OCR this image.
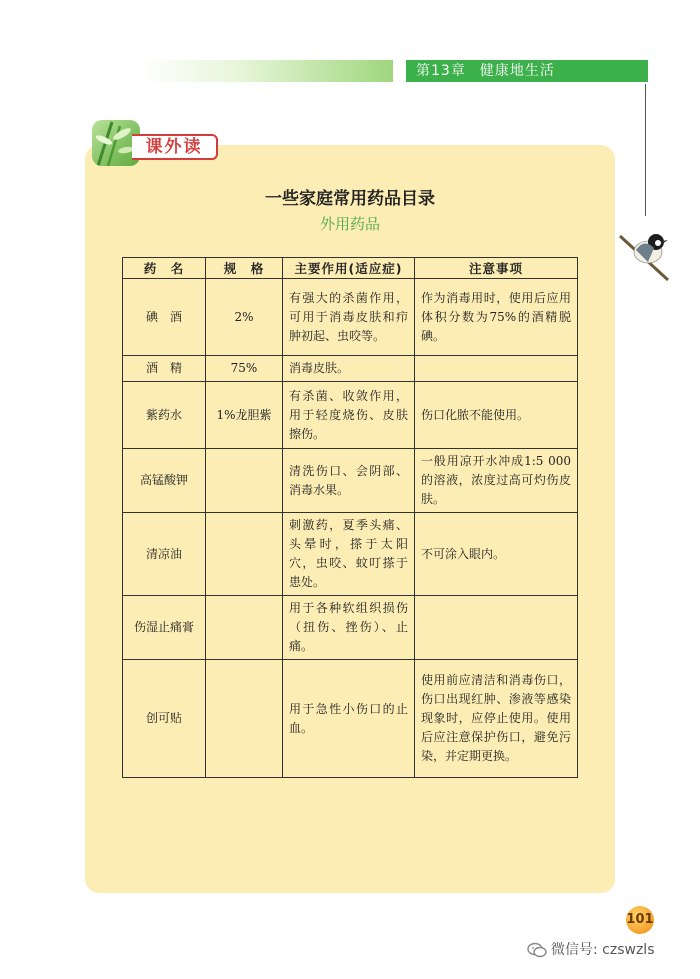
第13章 健康地生活
课外读
一些家庭常用药品目录
外用药品
药　名	规　格	主要作用(适应症)	注意事项
碘　酒	2%	有强大的杀菌作用，可用于消毒皮肤和疖肿初起、虫咬等。	作为消毒用时，使用后应用体积分数为75%的酒精脱碘。
酒　精	75%	消毒皮肤。	
紫药水	1%龙胆紫	有杀菌、收敛作用，用于轻度烧伤、皮肤擦伤。	伤口化脓不能使用。
高锰酸钾		清洗伤口、会阴部、消毒水果。	一般用凉开水冲成1:5 000的溶液，浓度过高可灼伤皮肤。
清凉油		刺激药，夏季头痛、头晕时，搽于太阳穴，虫咬、蚊叮搽于患处。	不可涂入眼内。
伤湿止痛膏		用于各种软组织损伤（扭伤、挫伤）、止痛。	
创可贴		用于急性小伤口的止血。	使用前应清洁和消毒伤口，伤口出现红肿、渗液等感染现象时，应停止使用。使用后应注意保护伤口，避免污染，并定期更换。
101
微信号: czswzls
